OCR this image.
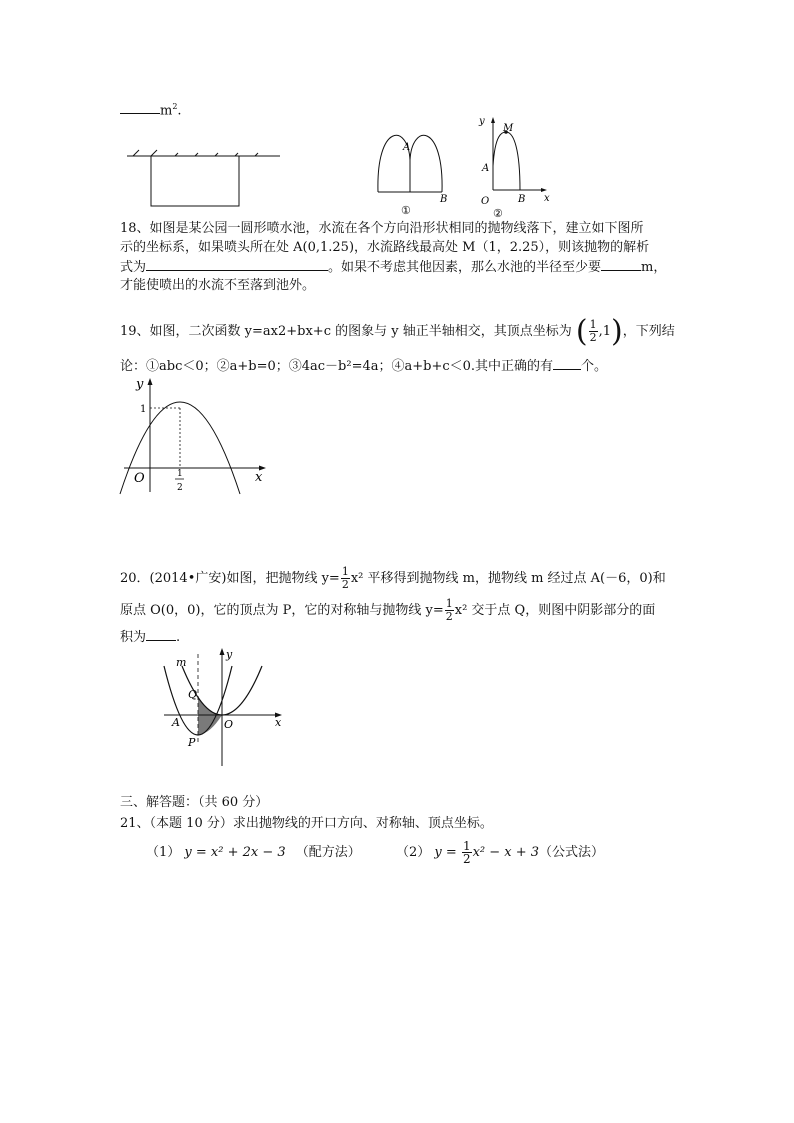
$m^2$.
A
B
①
y
M
A
O	B x
②
18、如图是某公园一圆形喷水池，水流在各个方向沿形状相同的抛物线落下，建立如下图所
示的坐标系，如果喷头所在处 A(0,1.25)，水流路线最高处 M（1，2.25），则该抛物的解析
式为	。如果不考虑其他因素，那么水池的半径至少要	m，
才能使喷出的水流不至落到池外。
19、如图，二次函数 y=ax2+bx+c 的图象与 y 轴正半轴相交，其顶点坐标为 ( $\frac{1}{2} ,1$)，下列结
论：①abc＜0；②a+b=0；③4ac－b²=4a；④a+b+c＜0.其中正确的有 个。
y
1
O	x
1
2
20．(2014•广安)如图，把抛物线 $y= \frac{1}{2} x^2$ 平移得到抛物线 m，抛物线 m 经过点 A(－6，0)和
原点 O(0，0)，它的顶点为 P，它的对称轴与抛物线 $y= \frac{1}{2} x^2$ 交于点 Q，则图中阴影部分的面
积为 .
m
y
Q
A	O
P
x
三、解答题：（共 60 分）
21、（本题 10 分）求出抛物线的开口方向、对称轴、顶点坐标。
（1） y = x² + 2x − 3 （配方法）	（2） $y = \frac{1}{2} x^2 - x + 3$（公式法）
